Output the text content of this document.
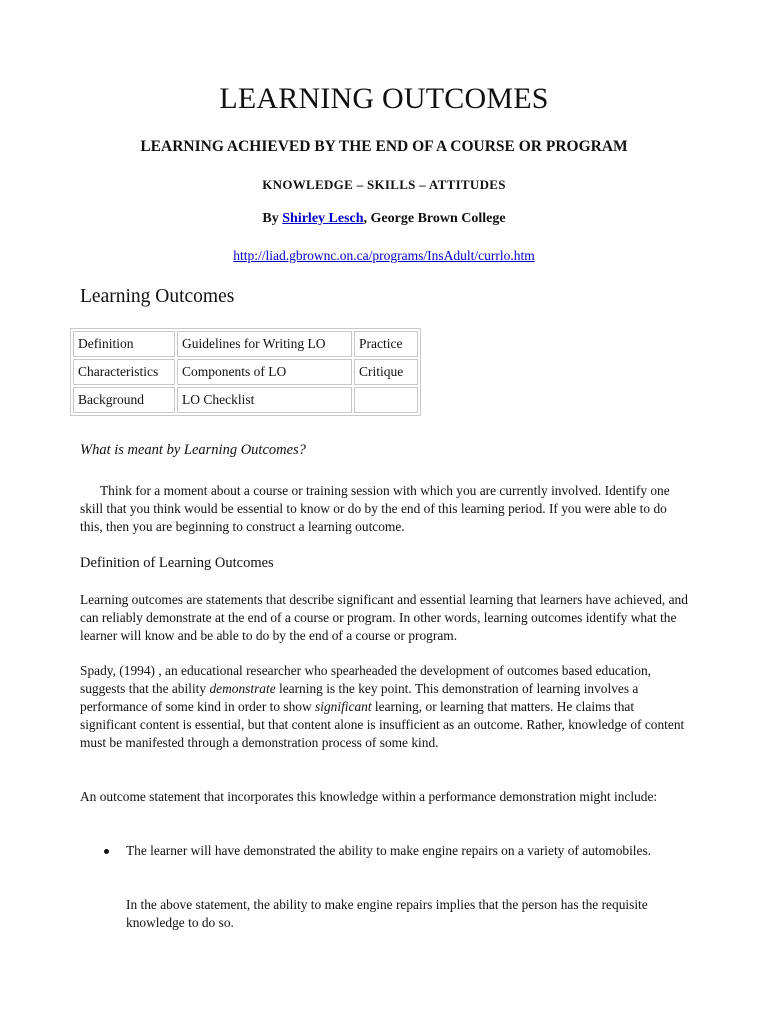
LEARNING OUTCOMES
LEARNING ACHIEVED BY THE END OF A COURSE OR PROGRAM
KNOWLEDGE – SKILLS – ATTITUDES
By Shirley Lesch, George Brown College
http://liad.gbrownc.on.ca/programs/InsAdult/currlo.htm
Learning Outcomes
Definition	Guidelines for Writing LO	Practice
Characteristics	Components of LO	Critique
Background	LO Checklist	
What is meant by Learning Outcomes?
Think for a moment about a course or training session with which you are currently involved. Identify one skill that you think would be essential to know or do by the end of this learning period. If you were able to do this, then you are beginning to construct a learning outcome.
Definition of Learning Outcomes
Learning outcomes are statements that describe significant and essential learning that learners have achieved, and can reliably demonstrate at the end of a course or program. In other words, learning outcomes identify what the learner will know and be able to do by the end of a course or program.
Spady, (1994) , an educational researcher who spearheaded the development of outcomes based education, suggests that the ability demonstrate learning is the key point. This demonstration of learning involves a performance of some kind in order to show significant learning, or learning that matters. He claims that significant content is essential, but that content alone is insufficient as an outcome. Rather, knowledge of content must be manifested through a demonstration process of some kind.
An outcome statement that incorporates this knowledge within a performance demonstration might include:
The learner will have demonstrated the ability to make engine repairs on a variety of automobiles.
In the above statement, the ability to make engine repairs implies that the person has the requisite knowledge to do so.
